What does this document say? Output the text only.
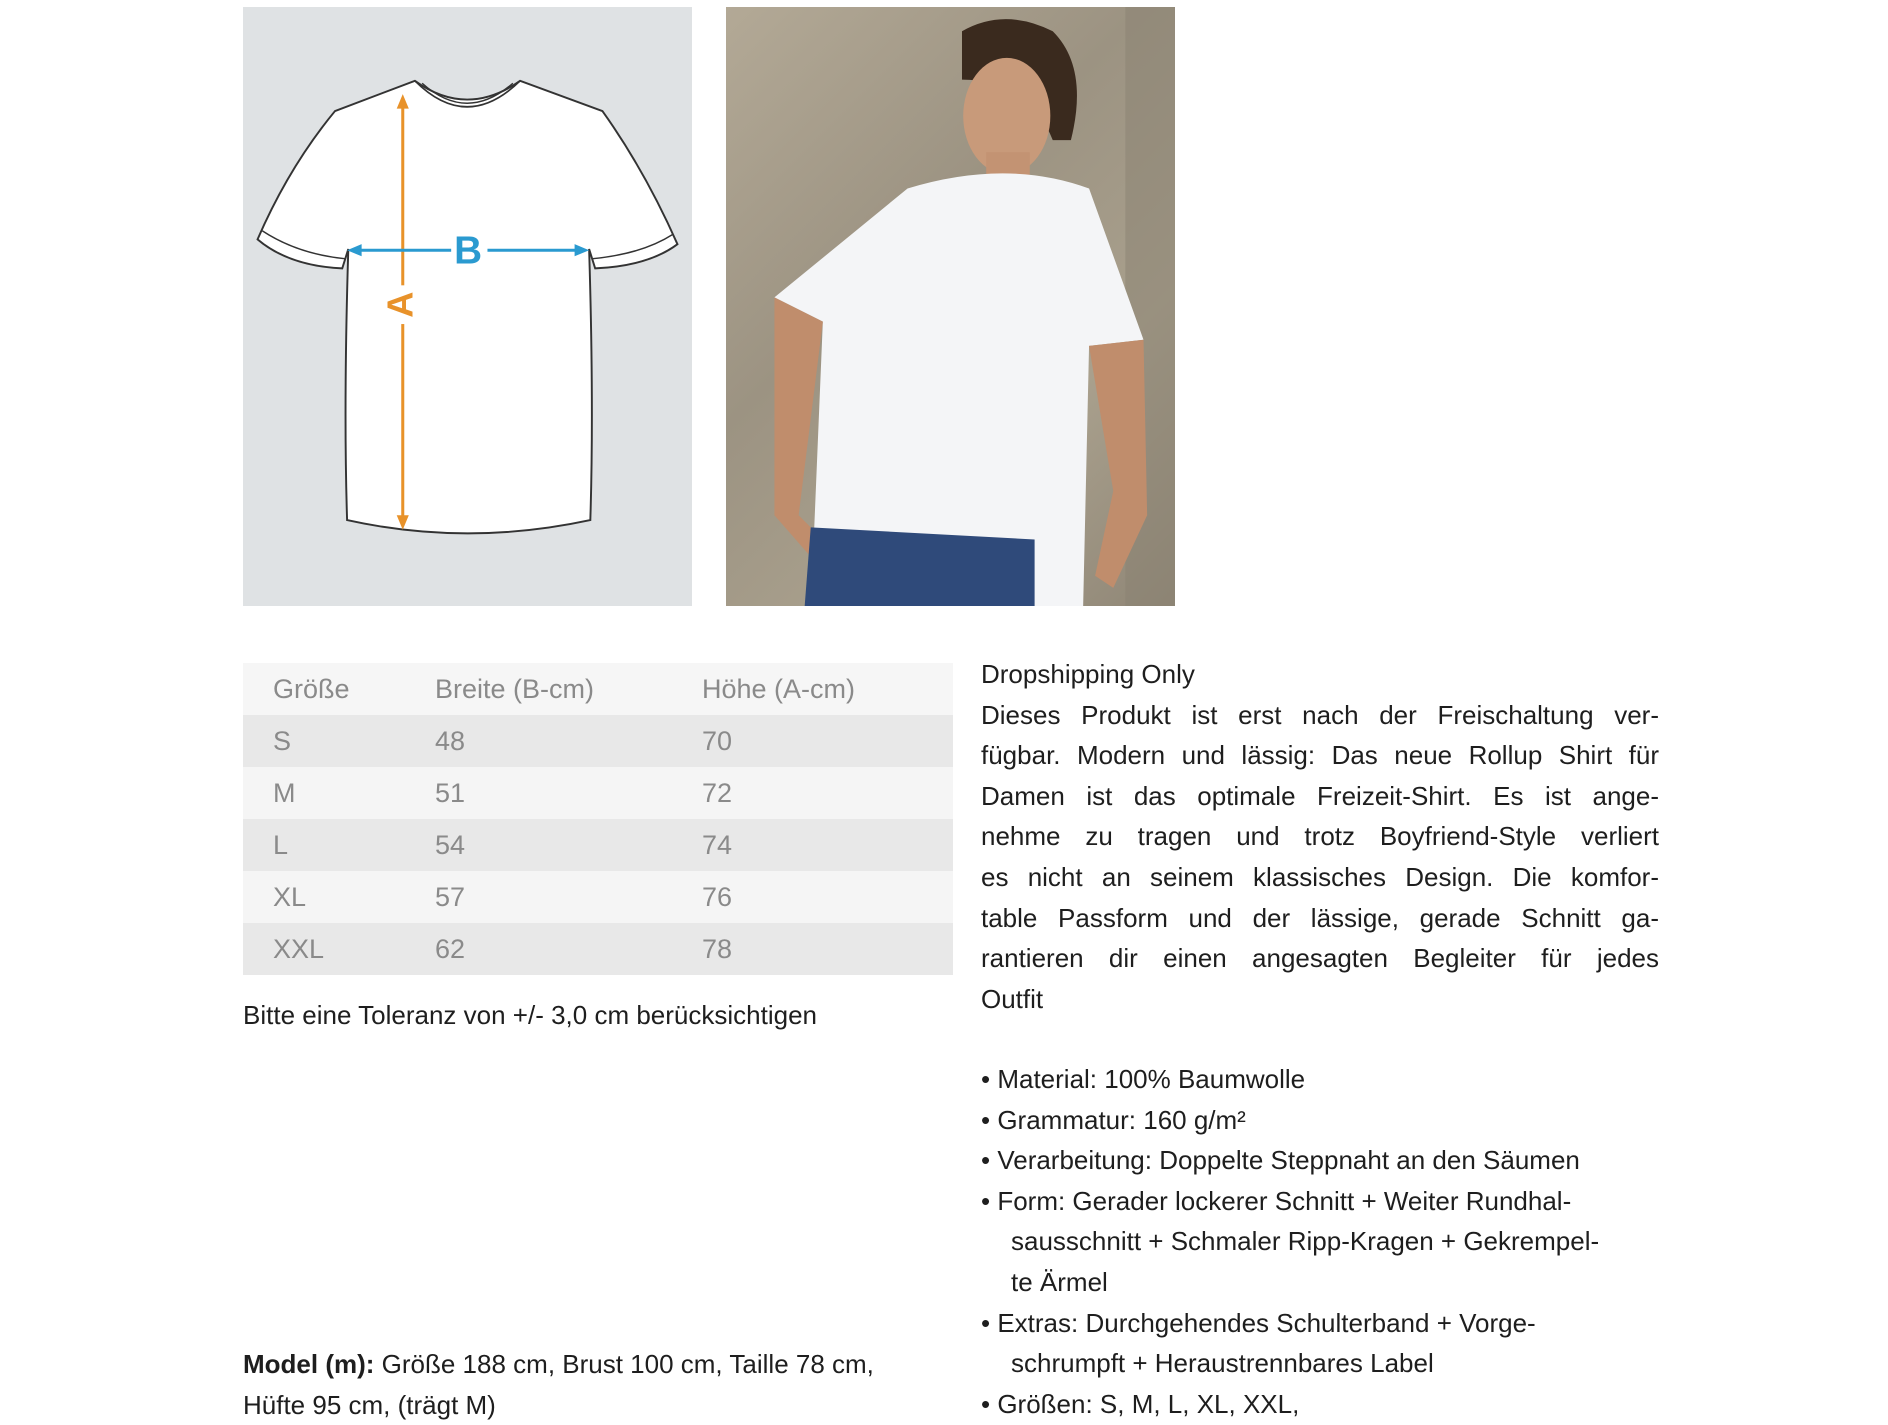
A
B
Größe	Breite (B-cm)	Höhe (A-cm)
S	48	70
M	51	72
L	54	74
XL	57	76
XXL	62	78
Bitte eine Toleranz von +/- 3,0 cm berücksichtigen
Dropshipping Only
Dieses Produkt ist erst nach der Freischaltung ver-
fügbar. Modern und lässig: Das neue Rollup Shirt für
Damen ist das optimale Freizeit-Shirt. Es ist ange-
nehme zu tragen und trotz Boyfriend-Style verliert
es nicht an seinem klassisches Design. Die komfor-
table Passform und der lässige, gerade Schnitt ga-
rantieren dir einen angesagten Begleiter für jedes
Outfit
• Material: 100% Baumwolle
• Grammatur: 160 g/m²
• Verarbeitung: Doppelte Steppnaht an den Säumen
• Form: Gerader lockerer Schnitt + Weiter Rundhal-
sausschnitt + Schmaler Ripp-Kragen + Gekrempel-
te Ärmel
• Extras: Durchgehendes Schulterband + Vorge-
schrumpft + Heraustrennbares Label
• Größen: S, M, L, XL, XXL,
Model (m): Größe 188 cm, Brust 100 cm, Taille 78 cm,
Hüfte 95 cm, (trägt M)
